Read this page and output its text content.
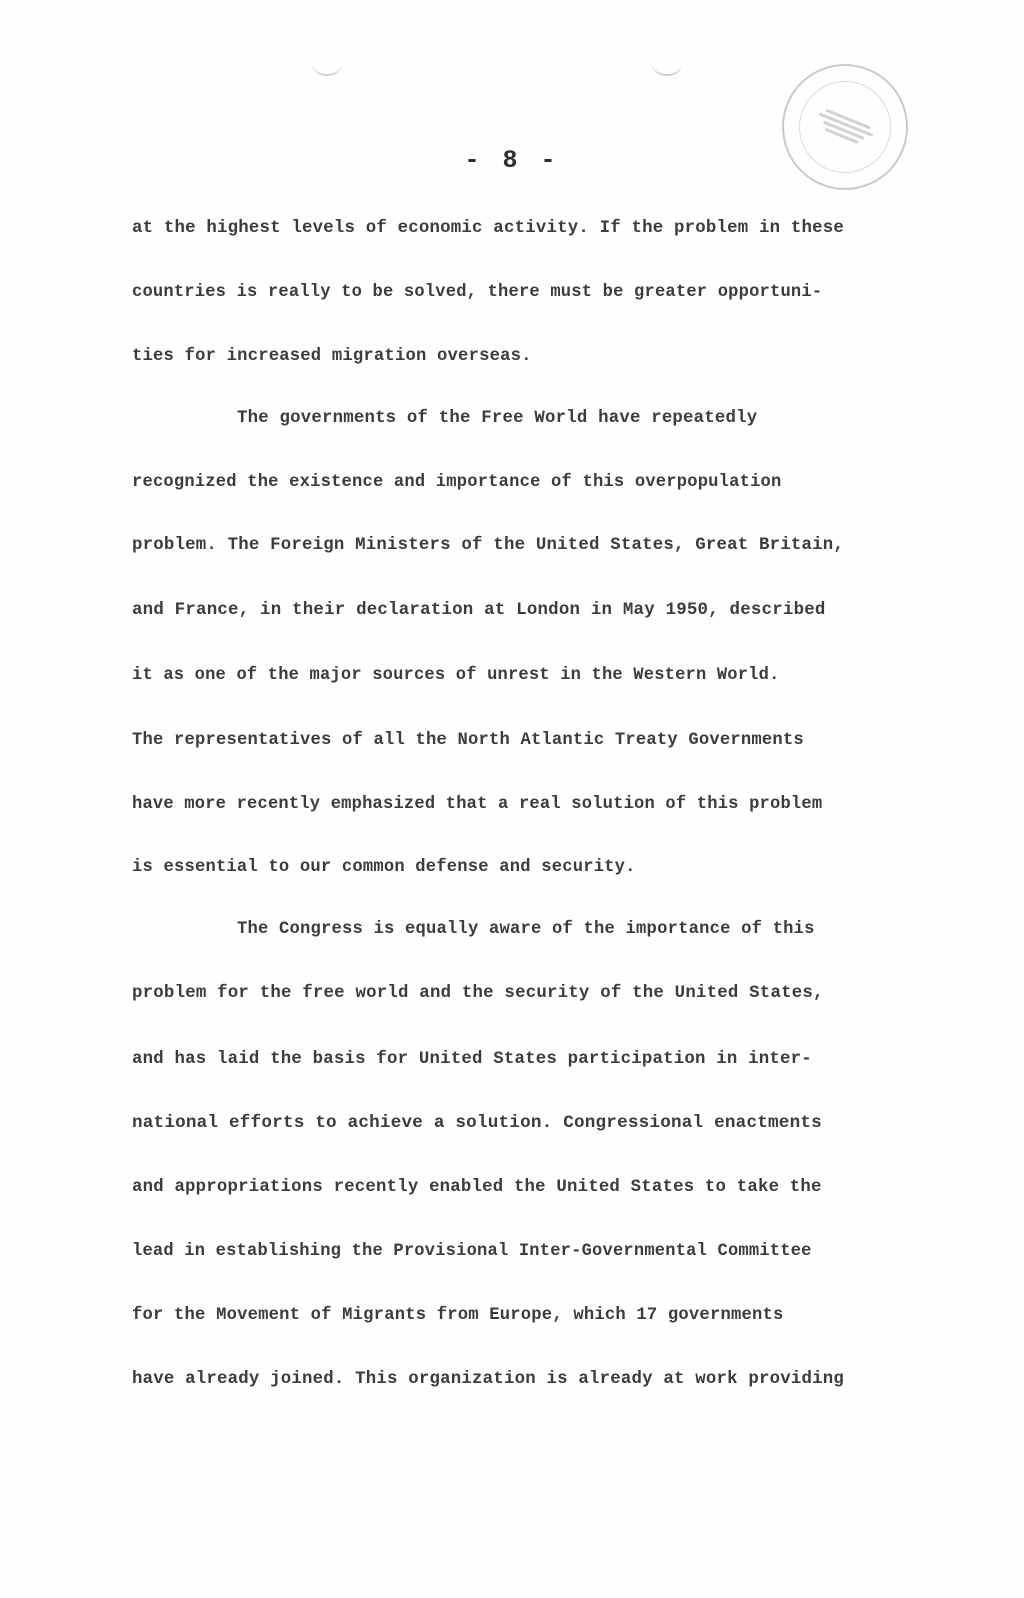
- 8 -
at the highest levels of economic activity. If the problem in these
countries is really to be solved, there must be greater opportuni-
ties for increased migration overseas.
The governments of the Free World have repeatedly
recognized the existence and importance of this overpopulation
problem. The Foreign Ministers of the United States, Great Britain,
and France, in their declaration at London in May 1950, described
it as one of the major sources of unrest in the Western World.
The representatives of all the North Atlantic Treaty Governments
have more recently emphasized that a real solution of this problem
is essential to our common defense and security.
The Congress is equally aware of the importance of this
problem for the free world and the security of the United States,
and has laid the basis for United States participation in inter-
national efforts to achieve a solution. Congressional enactments
and appropriations recently enabled the United States to take the
lead in establishing the Provisional Inter-Governmental Committee
for the Movement of Migrants from Europe, which 17 governments
have already joined. This organization is already at work providing
